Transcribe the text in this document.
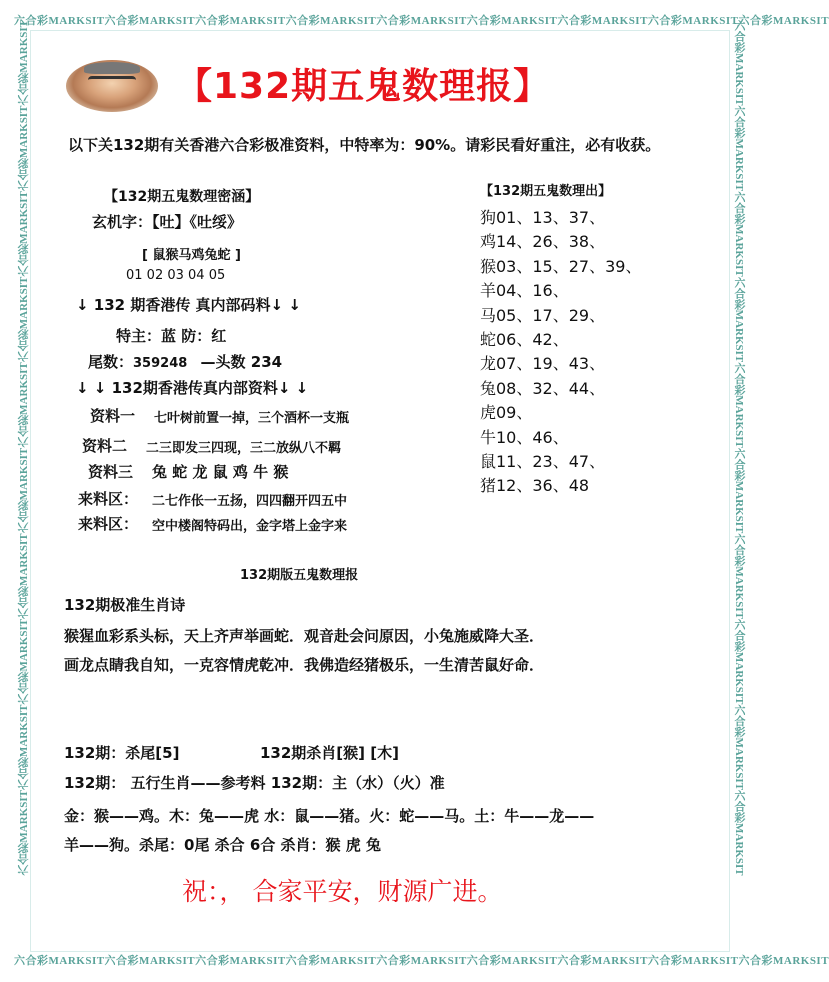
六合彩MARKSIT六合彩MARKSIT六合彩MARKSIT六合彩MARKSIT六合彩MARKSIT六合彩MARKSIT六合彩MARKSIT六合彩MARKSIT六合彩MARKSIT
六合彩MARKSIT六合彩MARKSIT六合彩MARKSIT六合彩MARKSIT六合彩MARKSIT六合彩MARKSIT六合彩MARKSIT六合彩MARKSIT六合彩MARKSIT
六合彩MARKSIT六合彩MARKSIT六合彩MARKSIT六合彩MARKSIT六合彩MARKSIT六合彩MARKSIT六合彩MARKSIT六合彩MARKSIT六合彩MARKSIT六合彩MARKSIT	六合彩MARKSIT六合彩MARKSIT六合彩MARKSIT六合彩MARKSIT六合彩MARKSIT六合彩MARKSIT六合彩MARKSIT六合彩MARKSIT六合彩MARKSIT六合彩MARKSIT
【132期五鬼数理报】
以下关132期有关香港六合彩极准资料，中特率为：90%。请彩民看好重注，必有收获。
【132期五鬼数理密涵】
玄机字：【吐】《吐绥》
[ 鼠猴马鸡兔蛇 ]
01 02 03 04 05
↓ 132 期香港传 真内部码料↓ ↓
特主：蓝 防：红
尾数：359248 —头数 234
↓ ↓ 132期香港传真内部资料↓ ↓
资料一 七叶树前置一掉，三个酒杯一支瓶
资料二 二三即发三四现，三二放纵八不羁
资料三 兔 蛇 龙 鼠 鸡 牛 猴
来料区： 二七作伥一五扬，四四翻开四五中
来料区： 空中楼阁特码出，金字塔上金字来
【132期五鬼数理出】
狗01、13、37、
鸡14、26、38、
猴03、15、27、39、
羊04、16、
马05、17、29、
蛇06、42、
龙07、19、43、
兔08、32、44、
虎09、
牛10、46、
鼠11、23、47、
猪12、36、48
132期版五鬼数理报
132期极准生肖诗
猴猩血彩系头标，天上齐声举画蛇．观音赴会问原因，小兔施威降大圣．
画龙点睛我自知，一克容情虎乾冲．我佛造经猪极乐，一生清苦鼠好命．
132期：杀尾[5]	132期杀肖[猴] [木]
132期： 五行生肖——参考料 132期：主（水）（火）准
金：猴——鸡。木：兔——虎 水：鼠——猪。火：蛇——马。土：牛——龙——
羊——狗。杀尾：0尾 杀合 6合 杀肖：猴 虎 兔
祝：， 合家平安，财源广进。
